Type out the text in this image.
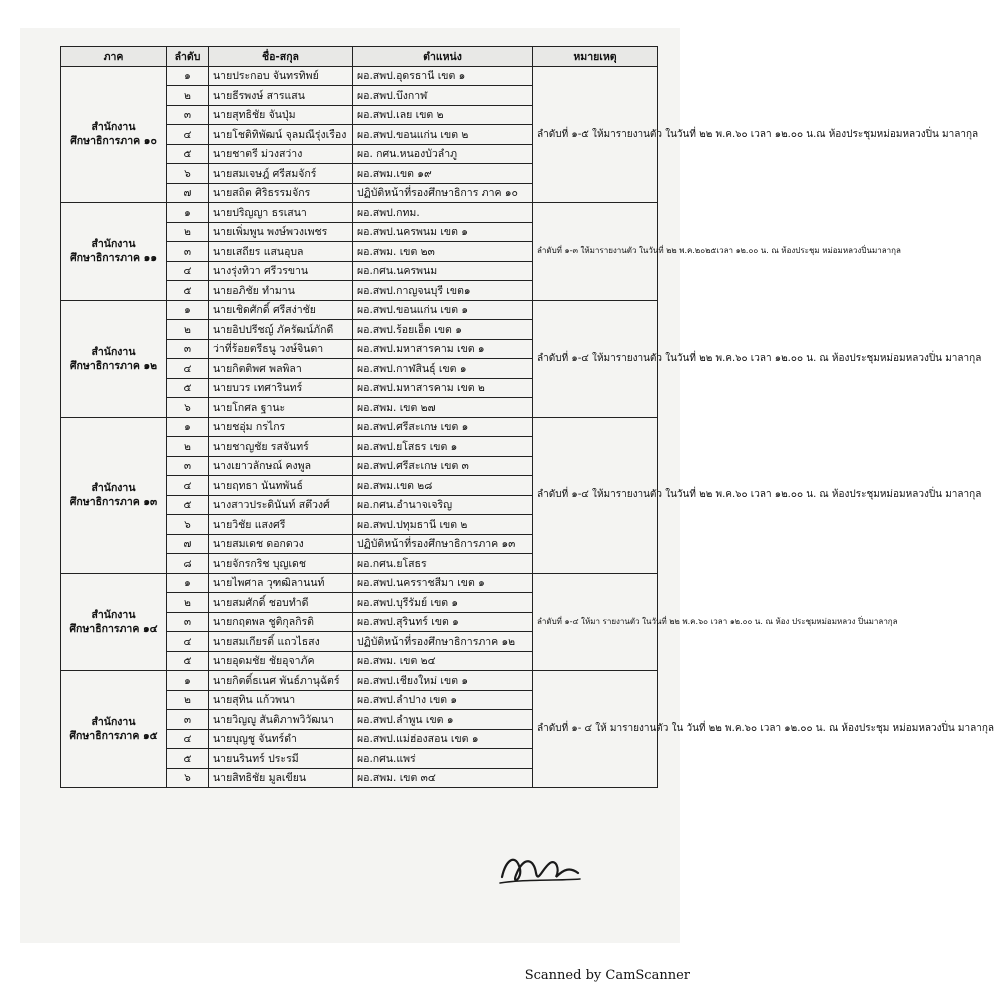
ภาค	ลำดับ	ชื่อ-สกุล	ตำแหน่ง	หมายเหตุ

สำนักงาน
ศึกษาธิการภาค ๑๐	๑	นายประกอบ จันทรทิพย์	ผอ.สพป.อุดรธานี เขต ๑	ลำดับที่ ๑-๕ ให้มารายงานตัว ในวันที่ ๒๒ พ.ค.๖๐ เวลา ๑๒.๐๐ น.ณ ห้องประชุมหม่อมหลวงปิ่น มาลากุล
	๒	นายธีรพงษ์ สารแสน	ผอ.สพป.บึงกาฬ	
	๓	นายสุทธิชัย จันปุ่ม	ผอ.สพป.เลย เขต ๒	
	๔	นายโชติทิพัฒน์ จุลมณีรุ่งเรือง	ผอ.สพป.ขอนแก่น เขต ๒	
	๕	นายชาตรี ม่วงสว่าง	ผอ. กศน.หนองบัวลำภู	
	๖	นายสมเจษฎ์ ศรีสมจักร์	ผอ.สพม.เขต ๑๙	
	๗	นายสถิต ศิริธรรมจักร	ปฏิบัติหน้าที่รองศึกษาธิการ ภาค ๑๐	

สำนักงาน
ศึกษาธิการภาค ๑๑	๑	นายปริญญา ธรเสนา	ผอ.สพป.กทม.	ลำดับที่ ๑-๓ ให้มารายงานตัว ในวันที่ ๒๒ พ.ค.๒๐๒๕เวลา ๑๒.๐๐ น. ณ ห้องประชุม หม่อมหลวงปิ่นมาลากุล
	๒	นายเพิ่มพูน พงษ์พวงเพชร	ผอ.สพป.นครพนม เขต ๑	
	๓	นายเสถียร แสนอุบล	ผอ.สพม. เขต ๒๓	
	๔	นางรุ่งทิวา ศรีวรขาน	ผอ.กศน.นครพนม	
	๕	นายอภิชัย ทำมาน	ผอ.สพป.กาญจนบุรี เขต๑	

สำนักงาน
ศึกษาธิการภาค ๑๒	๑	นายเชิดศักดิ์ ศรีสง่าชัย	ผอ.สพป.ขอนแก่น เขต ๑	ลำดับที่ ๑-๔ ให้มารายงานตัว ในวันที่ ๒๒ พ.ค.๖๐ เวลา ๑๒.๐๐ น. ณ ห้องประชุมหม่อมหลวงปิ่น มาลากุล
	๒	นายอิปปรีชญ์ ภัครัฒน์ภักดี	ผอ.สพป.ร้อยเอ็ด เขต ๑	
	๓	ว่าที่ร้อยตรีธนู วงษ์จินดา	ผอ.สพป.มหาสารคาม เขต ๑	
	๔	นายกิตติพศ พลพิลา	ผอ.สพป.กาฬสินธุ์ เขต ๑	
	๕	นายบวร เทศารินทร์	ผอ.สพป.มหาสารคาม เขต ๒	
	๖	นายโกศล ฐานะ	ผอ.สพม. เขต ๒๗	

สำนักงาน
ศึกษาธิการภาค ๑๓	๑	นายชอุ่ม กรไกร	ผอ.สพป.ศรีสะเกษ เขต ๑	ลำดับที่ ๑-๔ ให้มารายงานตัว ในวันที่ ๒๒ พ.ค.๖๐ เวลา ๑๒.๐๐ น. ณ ห้องประชุมหม่อมหลวงปิ่น มาลากุล
	๒	นายชาญชัย รสจันทร์	ผอ.สพป.ยโสธร เขต ๑	
	๓	นางเยาวลักษณ์ คงพูล	ผอ.สพป.ศรีสะเกษ เขต ๓	
	๔	นายฤทธา นันทพันธ์	ผอ.สพม.เขต ๒๘	
	๕	นางสาวประดินันท์ สตึวงศ์	ผอ.กศน.อำนาจเจริญ	
	๖	นายวิชัย แสงศรี	ผอ.สพป.ปทุมธานี เขต ๒	
	๗	นายสมเดช ดอกดวง	ปฏิบัติหน้าที่รองศึกษาธิการภาค ๑๓	
	๘	นายจักรกริช บุญเดช	ผอ.กศน.ยโสธร	

สำนักงาน
ศึกษาธิการภาค ๑๔	๑	นายไพศาล วุฑฒิลานนท์	ผอ.สพป.นครราชสีมา เขต ๑	ลำดับที่ ๑-๔ ให้มา รายงานตัว ในวันที่ ๒๒ พ.ค.๖๐ เวลา ๑๒.๐๐ น. ณ ห้อง ประชุมหม่อมหลวง ปิ่นมาลากุล
	๒	นายสมศักดิ์ ชอบทำดี	ผอ.สพป.บุรีรัมย์ เขต ๑	
	๓	นายกฤตพล ชูติกุลกิรติ	ผอ.สพป.สุรินทร์ เขต ๑	
	๔	นายสมเกียรติ์ แถวไธสง	ปฏิบัติหน้าที่รองศึกษาธิการภาค ๑๒	
	๕	นายอุดมชัย ชัยอุจาภัค	ผอ.สพม. เขต ๒๔	

สำนักงาน
ศึกษาธิการภาค ๑๕	๑	นายกิตติ์ธเนศ พันธ์ภานุฉัตร์	ผอ.สพป.เชียงใหม่ เขต ๑	ลำดับที่ ๑- ๔ ให้ มารายงานตัว ใน วันที่ ๒๒ พ.ค.๖๐ เวลา ๑๒.๐๐ น. ณ ห้องประชุม หม่อมหลวงปิ่น มาลากุล
	๒	นายสุทิน แก้วพนา	ผอ.สพป.ลำปาง เขต ๑	
	๓	นายวิญญู สันติภาพวิวัฒนา	ผอ.สพป.ลำพูน เขต ๑	
	๔	นายบุญชู จันทร์ดำ	ผอ.สพป.แม่ฮ่องสอน เขต ๑	
	๕	นายนรินทร์ ประรมี	ผอ.กศน.แพร่	
	๖	นายสิทธิชัย มูลเขียน	ผอ.สพม. เขต ๓๔	
Scanned by CamScanner
